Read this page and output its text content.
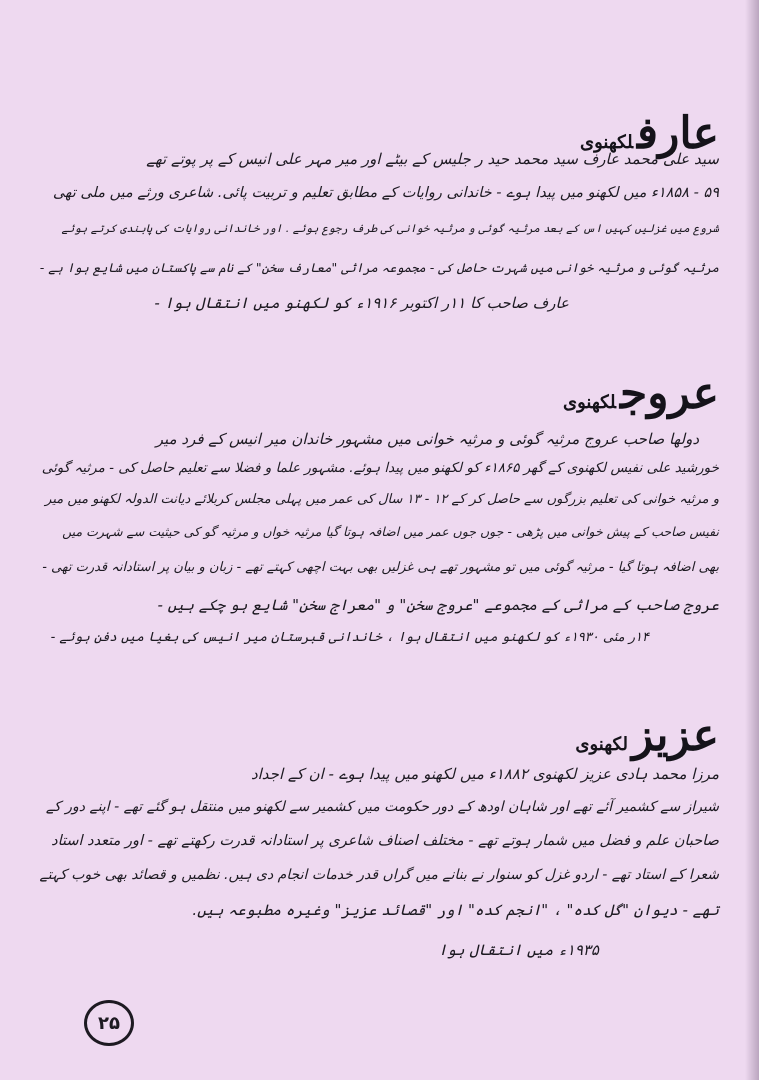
عارفلکھنوی
سید علی محمد عارف سید محمد حید ر جلیس کے بیٹے اور میر مہر علی انیس کے پر پوتے تھے
۵۹ - ۱۸۵۸ء میں لکھنو میں پیدا ہوے - خاندانی روایات کے مطابق تعلیم و تربیت پائی. شاعری ورثے میں ملی تھی
شروع میں غزلیں کہیں اس کے بعد مرثیہ گوئی و مرثیہ خوانی کی طرف رجوع ہوئے . اور خاندانی روایات کی پابندی کرتے ہوئے
مرثیہ گوئی و مرثیہ خوانی میں شہرت حاصل کی - مجموعہ مراثی "معارف سخن" کے نام سے پاکستان میں شایع ہوا ہے -
عارف صاحب کا ۱۱ر اکتوبر ۱۹۱۶ء کو لکھنو میں انتقال ہوا -
عروجلکھنوی
دولھا صاحب عروج مرثیہ گوئی و مرثیہ خوانی میں مشہور خاندان میر انیس کے فرد میر
خورشید علی نفیس لکھنوی کے گھر ۱۸۶۵ء کو لکھنو میں پیدا ہوئے. مشہور علما و فضلا سے تعلیم حاصل کی - مرثیہ گوئی
و مرثیہ خوانی کی تعلیم بزرگوں سے حاصل کر کے ۱۲ - ۱۳ سال کی عمر میں پہلی مجلس کربلائے دیانت الدولہ لکھنو میں میر
نفیس صاحب کے پیش خوانی میں پڑھی - جوں جوں عمر میں اضافہ ہوتا گیا مرثیہ خواں و مرثیہ گو کی حیثیت سے شہرت میں
بھی اضافہ ہوتا گیا - مرثیہ گوئی میں تو مشہور تھے ہی غزلیں بھی بہت اچھی کہتے تھے - زبان و بیان پر استادانہ قدرت تھی -
عروج صاحب کے مراثی کے مجموعے "عروج سخن" و "معراج سخن" شایع ہو چکے ہیں -
۱۴ر مئی ۱۹۳۰ء کو لکھنو میں انتقال ہوا ، خاندانی قبرستان میر انیس کی بغیا میں دفن ہوئے -
عزیزلکھنوی
مرزا محمد ہادی عزیز لکھنوی ۱۸۸۲ء میں لکھنو میں پیدا ہوے - ان کے اجداد
شیراز سے کشمیر آئے تھے اور شاہان اودھ کے دور حکومت میں کشمیر سے لکھنو میں منتقل ہو گئے تھے - اپنے دور کے
صاحبان علم و فضل میں شمار ہوتے تھے - مختلف اصناف شاعری پر استادانہ قدرت رکھتے تھے - اور متعدد استاد
شعرا کے استاد تھے - اردو غزل کو سنوار نے بنانے میں گراں قدر خدمات انجام دی ہیں. نظمیں و قصائد بھی خوب کہتے
تھے - دیوان "گل کدہ" ، "انجم کدہ" اور "قصائد عزیز" وغیرہ مطبوعہ ہیں.
۱۹۳۵ء میں انتقال ہوا
۲۵
